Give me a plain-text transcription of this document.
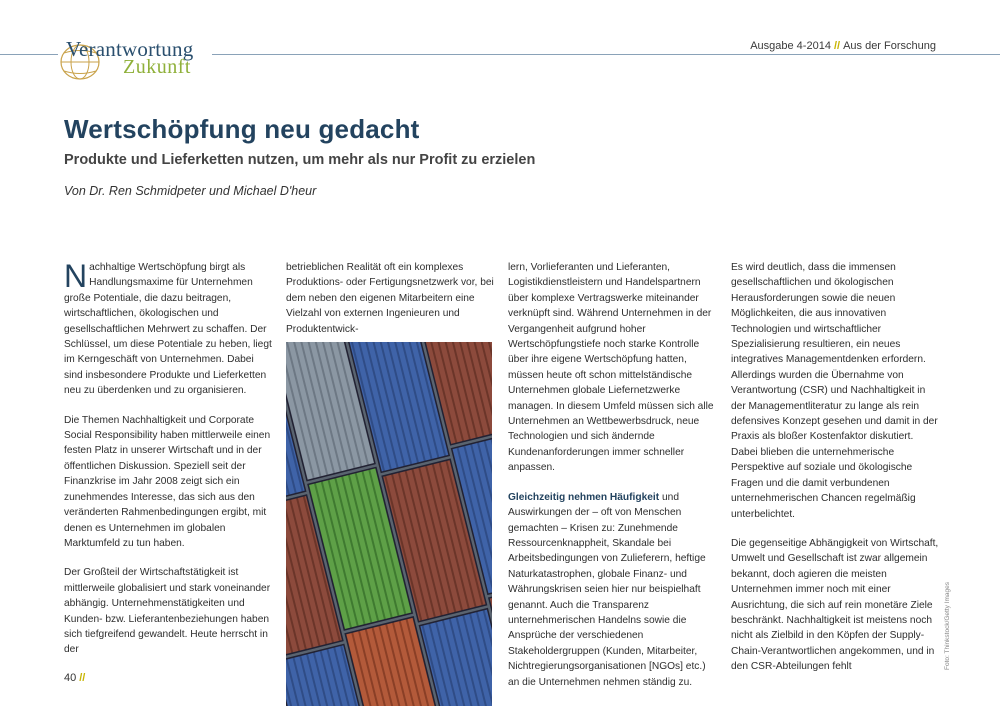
Verantwortung
Zukunft
Ausgabe 4-2014 // Aus der Forschung
Wertschöpfung neu gedacht
Produkte und Lieferketten nutzen, um mehr als nur Profit zu erzielen
Von Dr. Ren Schmidpeter und Michael D'heur

Nachhaltige Wertschöpfung birgt als Handlungsmaxime für Unternehmen große Potentiale, die dazu beitragen, wirtschaftlichen, ökologischen und gesellschaftlichen Mehrwert zu schaffen. Der Schlüssel, um diese Potentiale zu heben, liegt im Kerngeschäft von Unternehmen. Dabei sind insbesondere Produkte und Lieferketten neu zu überdenken und zu organisieren.

Die Themen Nachhaltigkeit und Corporate Social Responsibility haben mittlerweile einen festen Platz in unserer Wirtschaft und in der öffentlichen Diskussion. Speziell seit der Finanzkrise im Jahr 2008 zeigt sich ein zunehmendes Interesse, das sich aus den veränderten Rahmenbedingungen ergibt, mit denen es Unternehmen im globalen Marktumfeld zu tun haben.

Der Großteil der Wirtschaftstätigkeit ist mittlerweile globalisiert und stark voneinander abhängig. Unternehmenstätigkeiten und Kunden- bzw. Lieferantenbeziehungen haben sich tiefgreifend gewandelt. Heute herrscht in der

betrieblichen Realität oft ein komplexes Produktions- oder Fertigungsnetzwerk vor, bei dem neben den eigenen Mitarbeitern eine Vielzahl von externen Ingenieuren und Produktentwick-

lern, Vorlieferanten und Lieferanten, Logistikdienstleistern und Handelspartnern über komplexe Vertragswerke miteinander verknüpft sind. Während Unternehmen in der Vergangenheit aufgrund hoher Wertschöpfungstiefe noch starke Kontrolle über ihre eigene Wertschöpfung hatten, müssen heute oft schon mittelständische Unternehmen globale Liefernetzwerke managen. In diesem Umfeld müssen sich alle Unternehmen an Wettbewerbsdruck, neue Technologien und sich ändernde Kundenanforderungen immer schneller anpassen.

Gleichzeitig nehmen Häufigkeit und Auswirkungen der – oft von Menschen gemachten – Krisen zu: Zunehmende Ressourcenknappheit, Skandale bei Arbeitsbedingungen von Zulieferern, heftige Naturkatastrophen, globale Finanz- und Währungskrisen seien hier nur beispielhaft genannt. Auch die Transparenz unternehmerischen Handelns sowie die Ansprüche der verschiedenen Stakeholdergruppen (Kunden, Mitarbeiter, Nichtregierungsorganisationen [NGOs] etc.) an die Unternehmen nehmen ständig zu.

Es wird deutlich, dass die immensen gesellschaftlichen und ökologischen Herausforderungen sowie die neuen Möglichkeiten, die aus innovativen Technologien und wirtschaftlicher Spezialisierung resultieren, ein neues integratives Managementdenken erfordern. Allerdings wurden die Übernahme von Verantwortung (CSR) und Nachhaltigkeit in der Managementliteratur zu lange als rein defensives Konzept gesehen und damit in der Praxis als bloßer Kostenfaktor diskutiert. Dabei blieben die unternehmerische Perspektive auf soziale und ökologische Fragen und die damit verbundenen unternehmerischen Chancen regelmäßig unterbelichtet.

Die gegenseitige Abhängigkeit von Wirtschaft, Umwelt und Gesellschaft ist zwar allgemein bekannt, doch agieren die meisten Unternehmen immer noch mit einer Ausrichtung, die sich auf rein monetäre Ziele beschränkt. Nachhaltigkeit ist meistens noch nicht als Zielbild in den Köpfen der Supply-Chain-Verantwortlichen angekommen, und in den CSR-Abteilungen fehlt	Foto: Thinkstock/Getty Images
40 //
